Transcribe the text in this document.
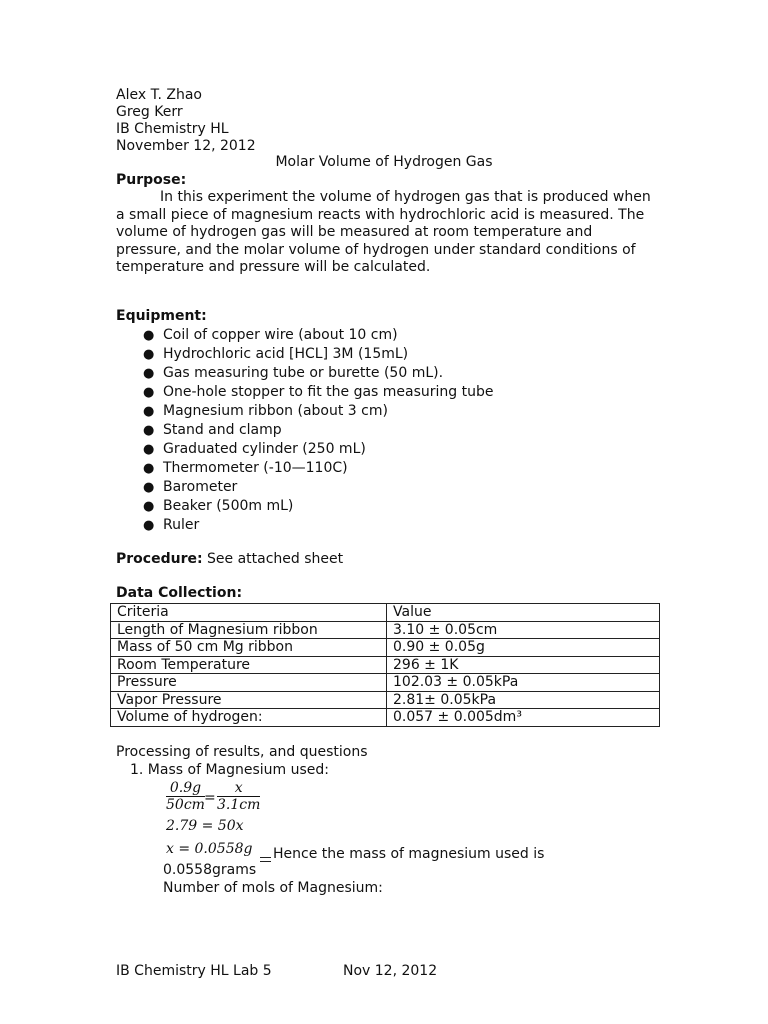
Alex T. Zhao
Greg Kerr
IB Chemistry HL
November 12, 2012
Molar Volume of Hydrogen Gas
Purpose:

In this experiment the volume of hydrogen gas that is produced when a small piece of magnesium reacts with hydrochloric acid is measured. The volume of hydrogen gas will be measured at room temperature and pressure, and the molar volume of hydrogen under standard conditions of temperature and pressure will be calculated.

Equipment:
● Coil of copper wire (about 10 cm)
● Hydrochloric acid [HCL] 3M (15mL)
● Gas measuring tube or burette (50 mL).
● One-hole stopper to fit the gas measuring tube
● Magnesium ribbon (about 3 cm)
● Stand and clamp
● Graduated cylinder (250 mL)
● Thermometer (-10—110C)
● Barometer
● Beaker (500m mL)
● Ruler
Procedure: See attached sheet
Data Collection:
Criteria	Value
Length of Magnesium ribbon	3.10 ± 0.05cm
Mass of 50 cm Mg ribbon	0.90 ± 0.05g
Room Temperature	296 ± 1K
Pressure	102.03 ± 0.05kPa
Vapor Pressure	2.81± 0.05kPa
Volume of hydrogen:	0.057 ± 0.005dm³
Processing of results, and questions
1. Mass of Magnesium used:
$\frac{0.9g}{50cm} = \frac{x}{3.1cm}$
2.79 = 50x
x = 0.0558g Hence the mass of magnesium used is
0.0558grams
Number of mols of Magnesium:
IB Chemistry HL Lab 5	Nov 12, 2012
